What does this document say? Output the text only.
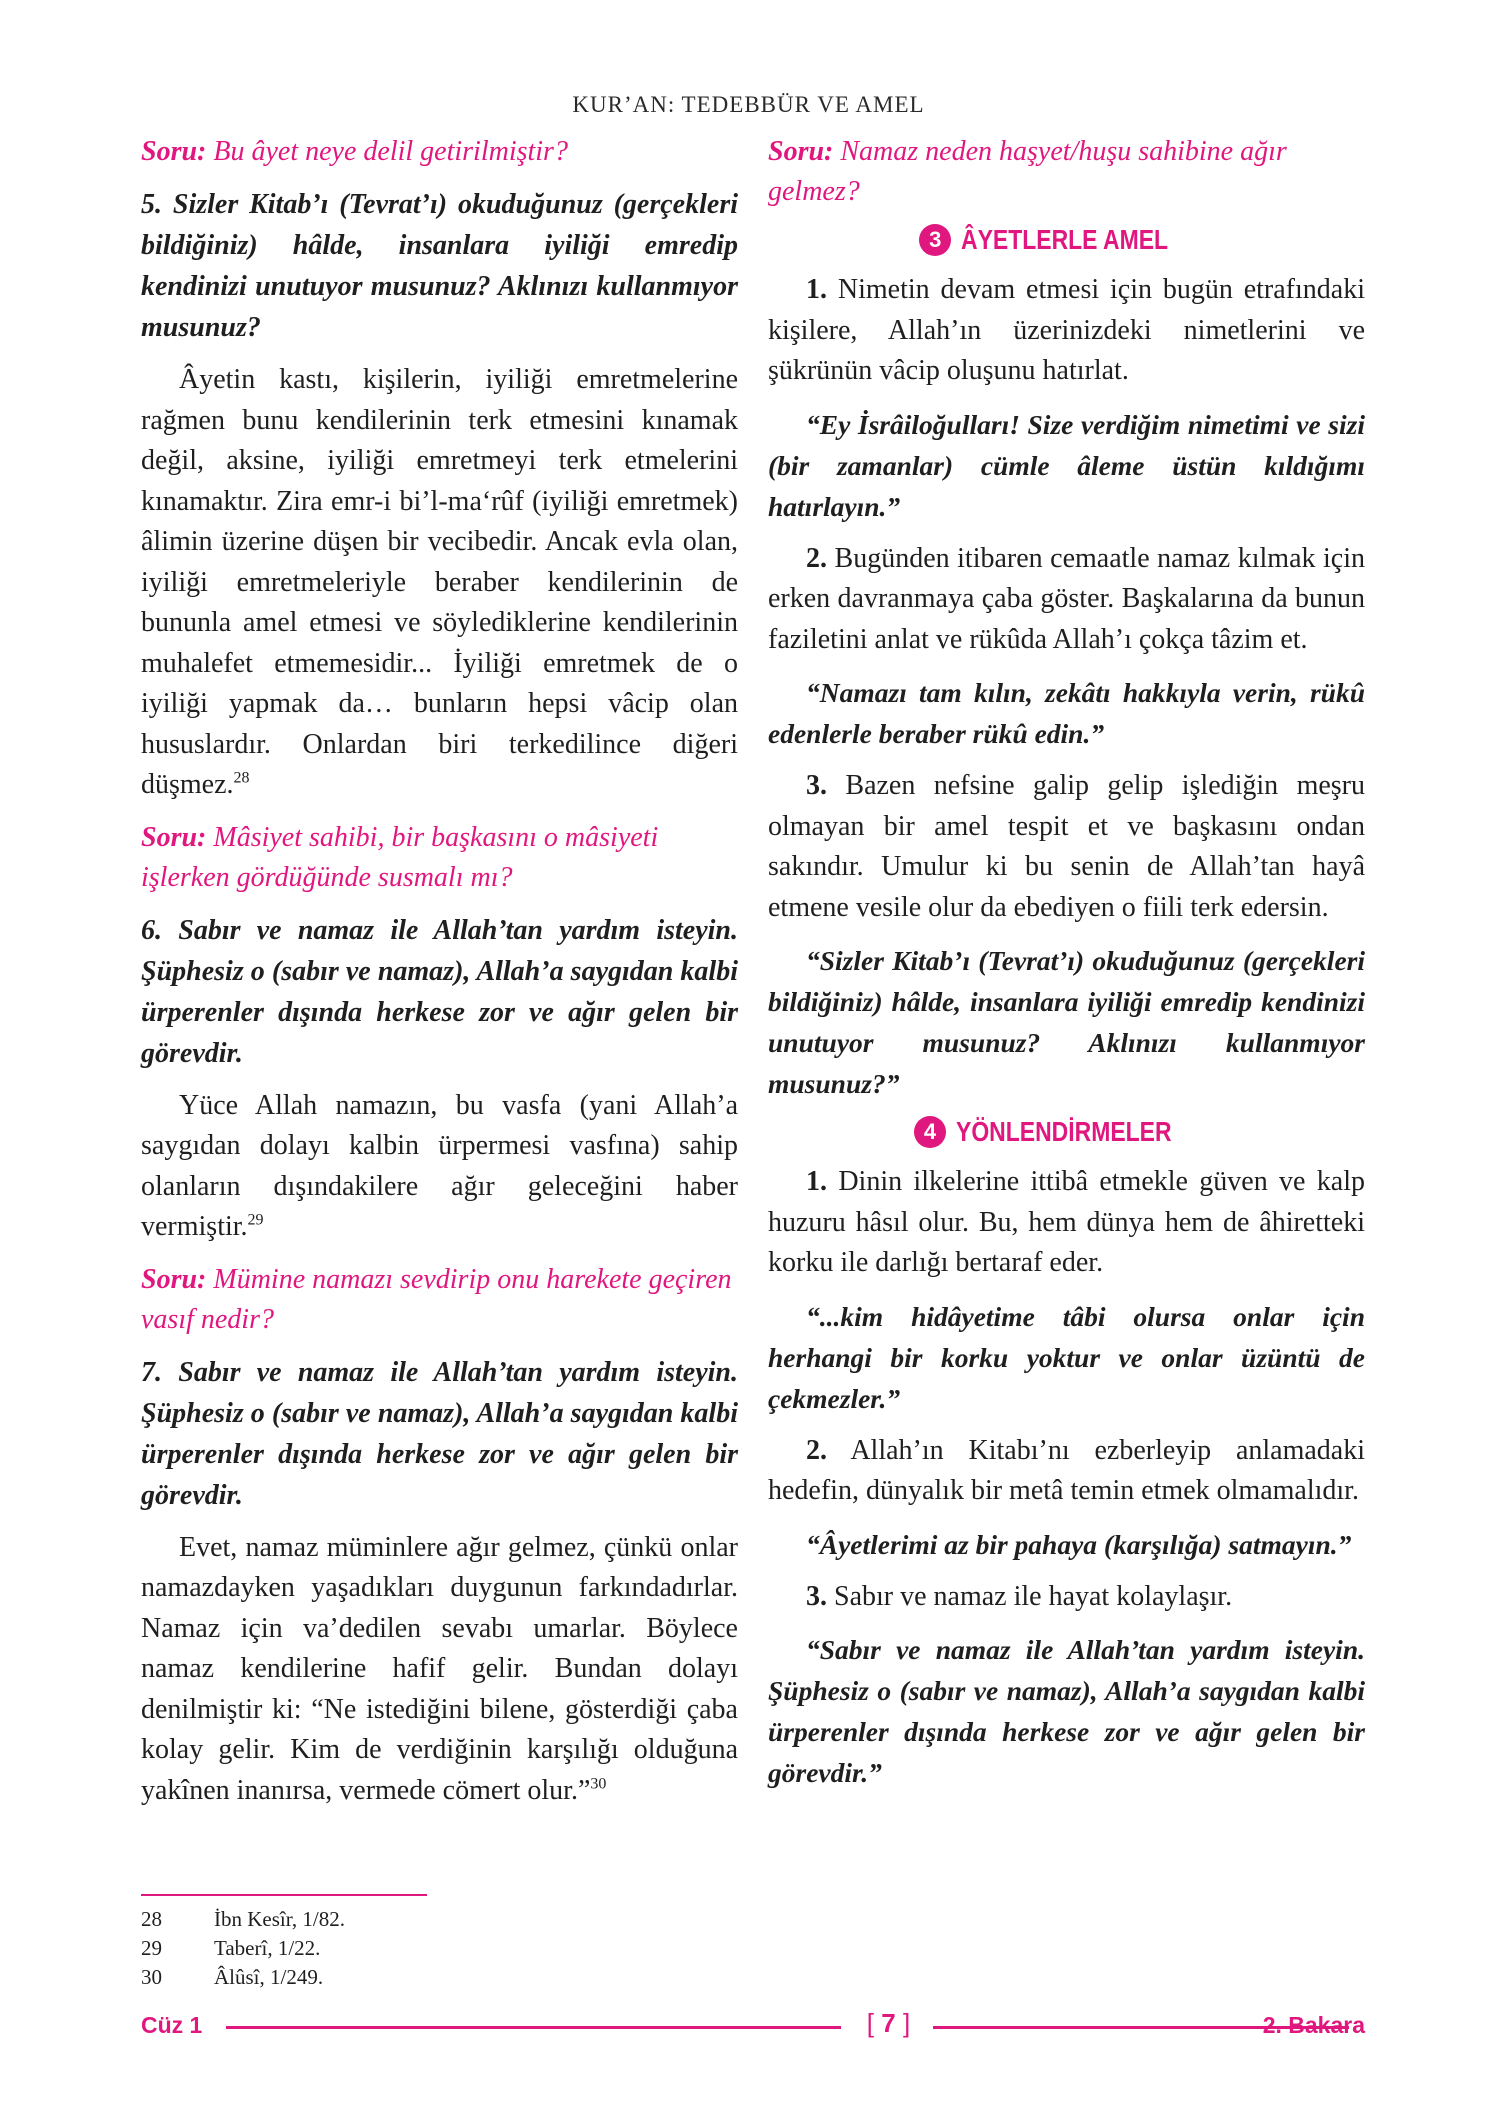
KUR’AN: TEDEBBÜR VE AMEL

Soru: Bu âyet neye delil getirilmiştir?

5. Sizler Kitab’ı (Tevrat’ı) okuduğunuz (gerçekleri bildiğiniz) hâlde, insanlara iyiliği emredip kendinizi unutuyor musunuz? Aklınızı kullanmıyor musunuz?

Âyetin kastı, kişilerin, iyiliği emretmelerine rağmen bunu kendilerinin terk etmesini kınamak değil, aksine, iyiliği emretmeyi terk etmelerini kınamaktır. Zira emr-i bi’l-ma‘rûf (iyiliği emretmek) âlimin üzerine düşen bir vecibedir. Ancak evla olan, iyiliği emretmeleriyle beraber kendilerinin de bununla amel etmesi ve söylediklerine kendilerinin muhalefet etmemesidir... İyiliği emretmek de o iyiliği yapmak da… bunların hepsi vâcip olan hususlardır. Onlardan biri terkedilince diğeri düşmez.$^{28}$

Soru: Mâsiyet sahibi, bir başkasını o mâsiyeti işlerken gördüğünde susmalı mı?

6. Sabır ve namaz ile Allah’tan yardım isteyin. Şüphesiz o (sabır ve namaz), Allah’a saygıdan kalbi ürperenler dışında herkese zor ve ağır gelen bir görevdir.

Yüce Allah namazın, bu vasfa (yani Allah’a saygıdan dolayı kalbin ürpermesi vasfına) sahip olanların dışındakilere ağır geleceğini haber vermiştir.$^{29}$

Soru: Mümine namazı sevdirip onu harekete geçiren vasıf nedir?

7. Sabır ve namaz ile Allah’tan yardım isteyin. Şüphesiz o (sabır ve namaz), Allah’a saygıdan kalbi ürperenler dışında herkese zor ve ağır gelen bir görevdir.

Evet, namaz müminlere ağır gelmez, çünkü onlar namazdayken yaşadıkları duygunun farkındadırlar. Namaz için va’dedilen sevabı umarlar. Böylece namaz kendilerine hafif gelir. Bundan dolayı denilmiştir ki: “Ne istediğini bilene, gösterdiği çaba kolay gelir. Kim de verdiğinin karşılığı olduğuna yakînen inanırsa, vermede cömert olur.”$^{30}$

28	İbn Kesîr, 1/82.
29	Taberî, 1/22.
30	Âlûsî, 1/249.

Soru: Namaz neden haşyet/huşu sahibine ağır gelmez?

3 ÂYETLERLE AMEL

1. Nimetin devam etmesi için bugün etrafındaki kişilere, Allah’ın üzerinizdeki nimetlerini ve şükrünün vâcip oluşunu hatırlat.

“Ey İsrâiloğulları! Size verdiğim nimetimi ve sizi (bir zamanlar) cümle âleme üstün kıldığımı hatırlayın.”

2. Bugünden itibaren cemaatle namaz kılmak için erken davranmaya çaba göster. Başkalarına da bunun faziletini anlat ve rükûda Allah’ı çokça tâzim et.

“Namazı tam kılın, zekâtı hakkıyla verin, rükû edenlerle beraber rükû edin.”

3. Bazen nefsine galip gelip işlediğin meşru olmayan bir amel tespit et ve başkasını ondan sakındır. Umulur ki bu senin de Allah’tan hayâ etmene vesile olur da ebediyen o fiili terk edersin.

“Sizler Kitab’ı (Tevrat’ı) okuduğunuz (gerçekleri bildiğiniz) hâlde, insanlara iyiliği emredip kendinizi unutuyor musunuz? Aklınızı kullanmıyor musunuz?”

4 YÖNLENDİRMELER

1. Dinin ilkelerine ittibâ etmekle güven ve kalp huzuru hâsıl olur. Bu, hem dünya hem de âhiretteki korku ile darlığı bertaraf eder.

“...kim hidâyetime tâbi olursa onlar için herhangi bir korku yoktur ve onlar üzüntü de çekmezler.”

2. Allah’ın Kitabı’nı ezberleyip anlamadaki hedefin, dünyalık bir metâ temin etmek olmamalıdır.

“Âyetlerimi az bir pahaya (karşılığa) satmayın.”

3. Sabır ve namaz ile hayat kolaylaşır.

“Sabır ve namaz ile Allah’tan yardım isteyin. Şüphesiz o (sabır ve namaz), Allah’a saygıdan kalbi ürperenler dışında herkese zor ve ağır gelen bir görevdir.”

Cüz 1	[ 7 ]	2. Bakara
